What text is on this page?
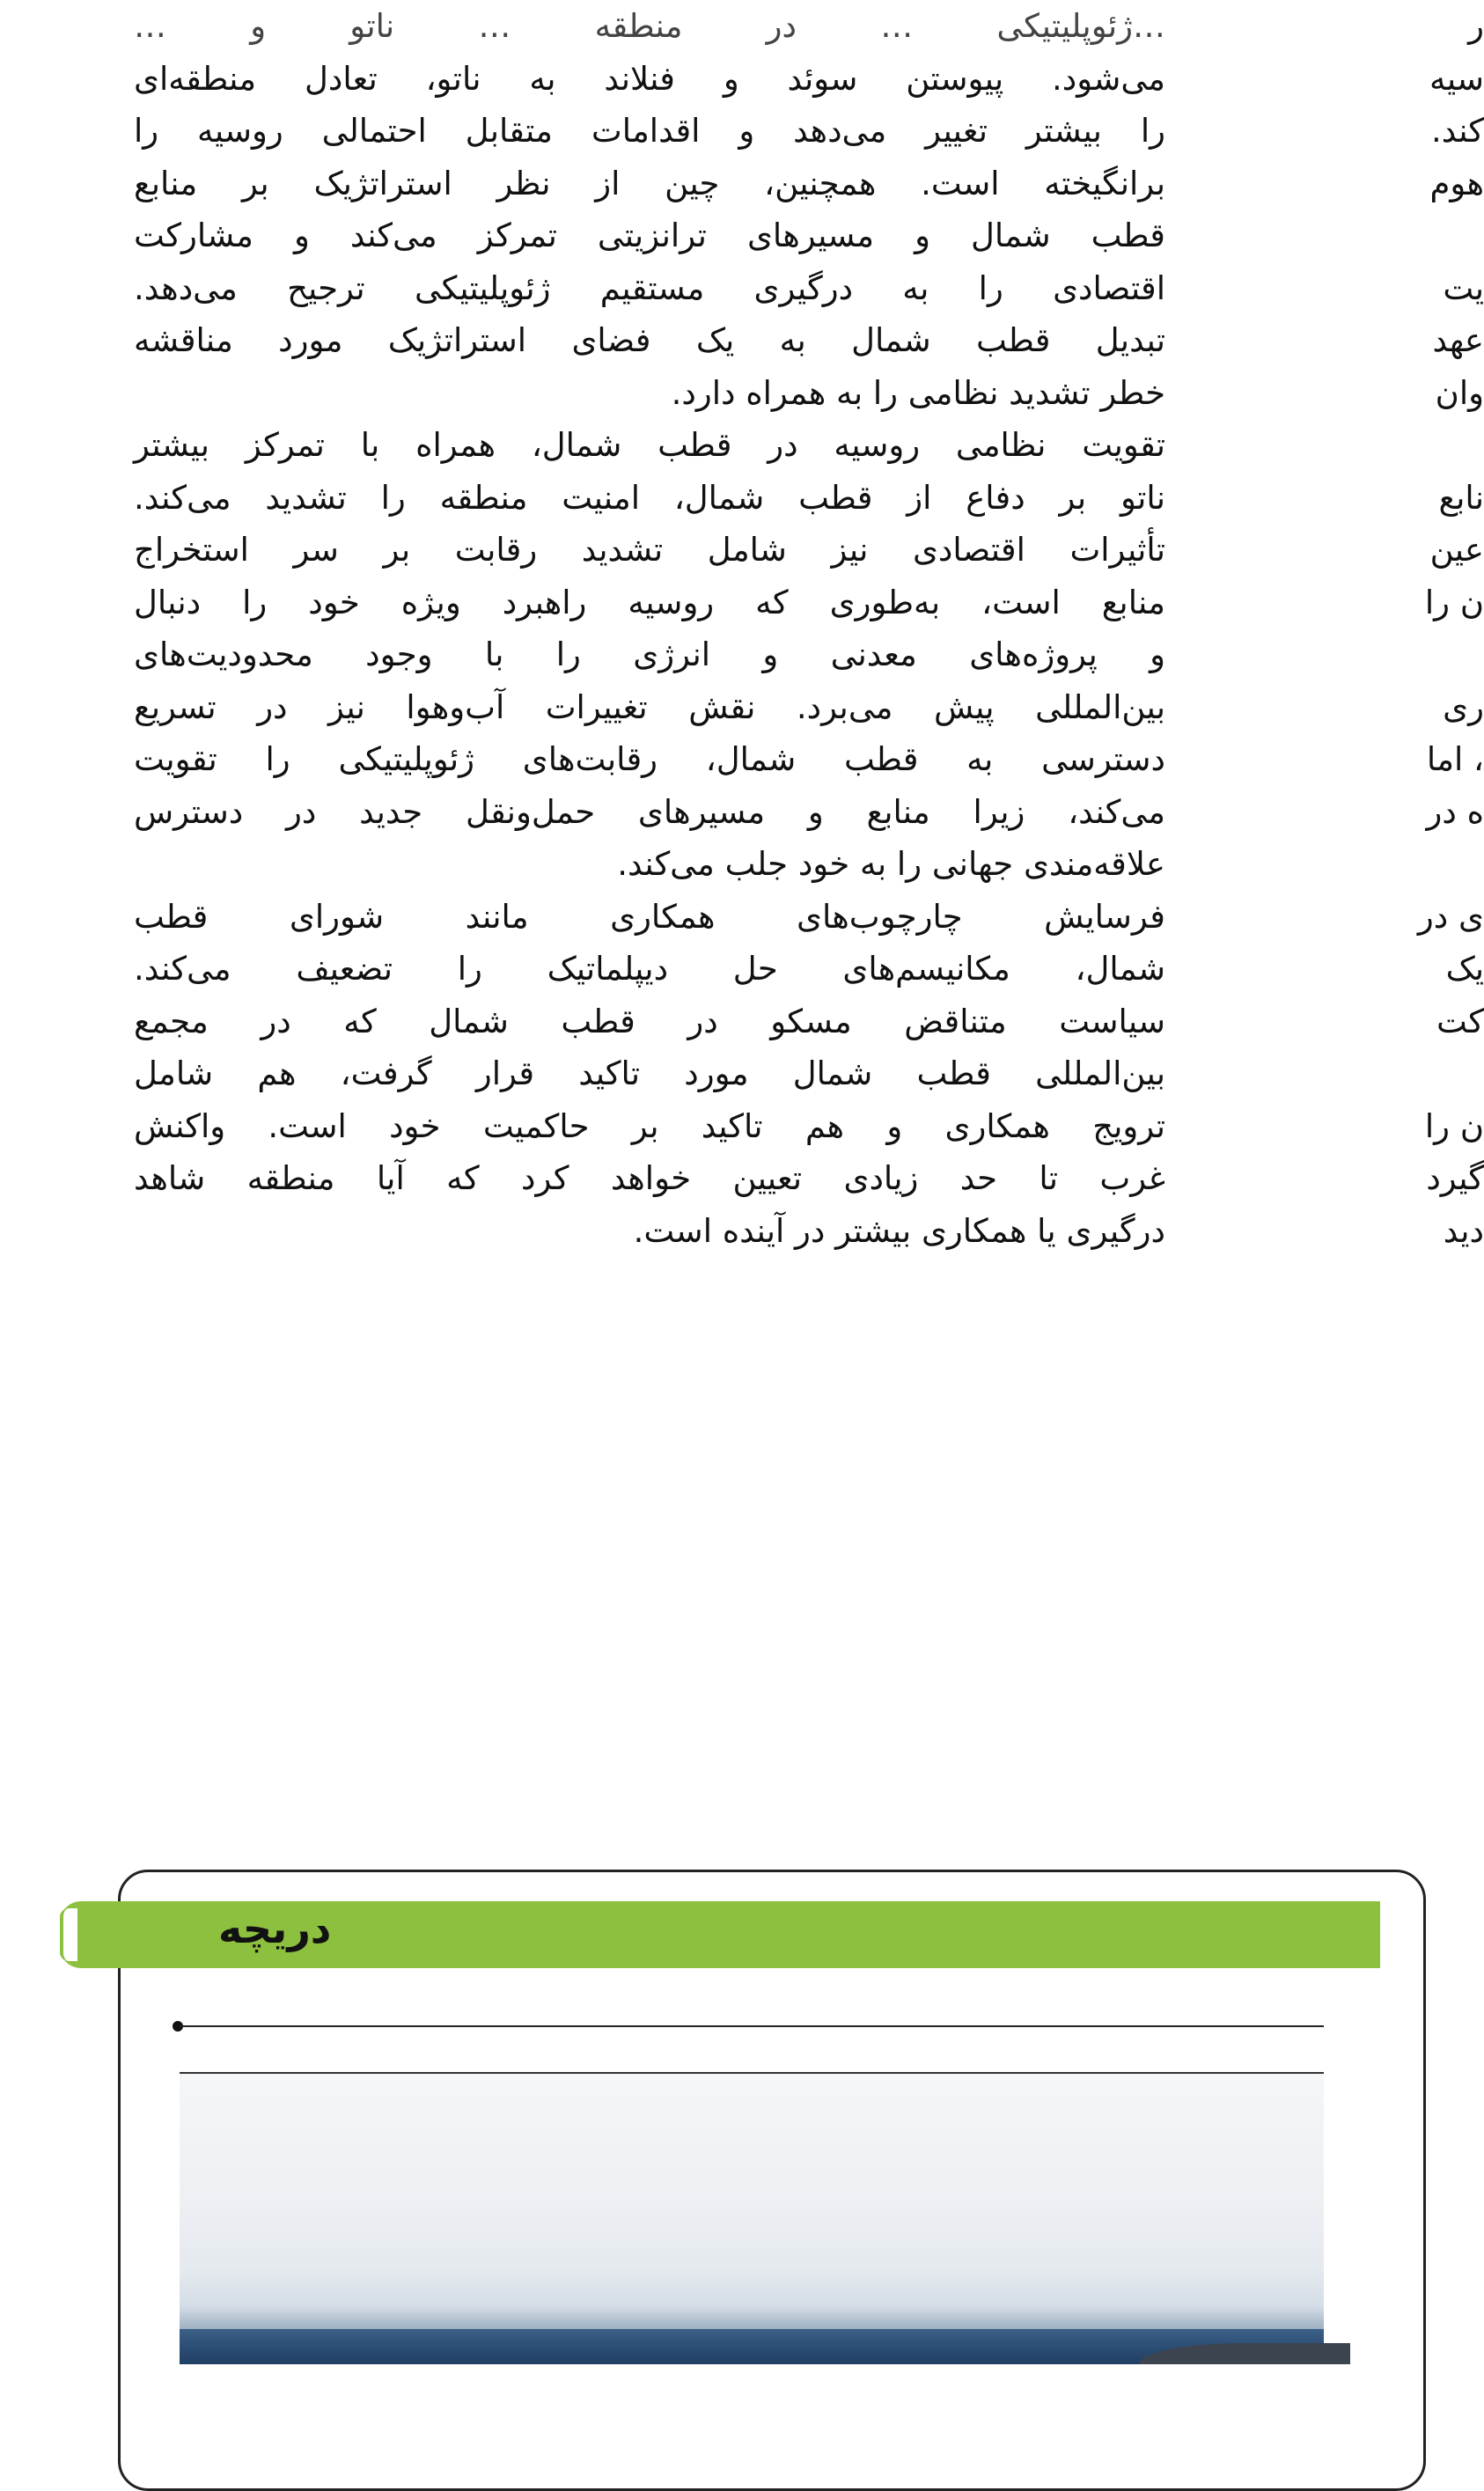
…ژئوپلیتیکی … در منطقه … ناتو و …
می‌شود. پیوستن سوئد و فنلاند به ناتو، تعادل منطقه‌ای
را بیشتر تغییر می‌دهد و اقدامات متقابل احتمالی روسیه را
برانگیخته است. همچنین، چین از نظر استراتژیک بر منابع
قطب شمال و مسیرهای ترانزیتی تمرکز می‌کند و مشارکت
اقتصادی را به درگیری مستقیم ژئوپلیتیکی ترجیح می‌دهد.
تبدیل قطب شمال به یک فضای استراتژیک مورد مناقشه
خطر تشدید نظامی را به همراه دارد.
تقویت نظامی روسیه در قطب شمال، همراه با تمرکز بیشتر
ناتو بر دفاع از قطب شمال، امنیت منطقه را تشدید می‌کند.
تأثیرات اقتصادی نیز شامل تشدید رقابت بر سر استخراج
منابع است، به‌طوری که روسیه راهبرد ویژه خود را دنبال
و پروژه‌های معدنی و انرژی را با وجود محدودیت‌های
بین‌المللی پیش می‌برد. نقش تغییرات آب‌وهوا نیز در تسریع
دسترسی به قطب شمال، رقابت‌های ژئوپلیتیکی را تقویت
می‌کند، زیرا منابع و مسیرهای حمل‌ونقل جدید در دسترس
علاقه‌مندی جهانی را به خود جلب می‌کند.
فرسایش چارچوب‌های همکاری مانند شورای قطب
شمال، مکانیسم‌های حل دیپلماتیک را تضعیف می‌کند.
سیاست متناقض مسکو در قطب شمال که در مجمع
بین‌المللی قطب شمال مورد تاکید قرار گرفت، هم شامل
ترویج همکاری و هم تاکید بر حاکمیت خود است. واکنش
غرب تا حد زیادی تعیین خواهد کرد که آیا منطقه شاهد
درگیری یا همکاری بیشتر در آینده است.
ر
سیه
کند.
هوم

یت
عهد
وان

نابع
عین
ن را

ری
، اما
ه در

ی در
یک
کت

ن را
گیرد
دید
دریچه
